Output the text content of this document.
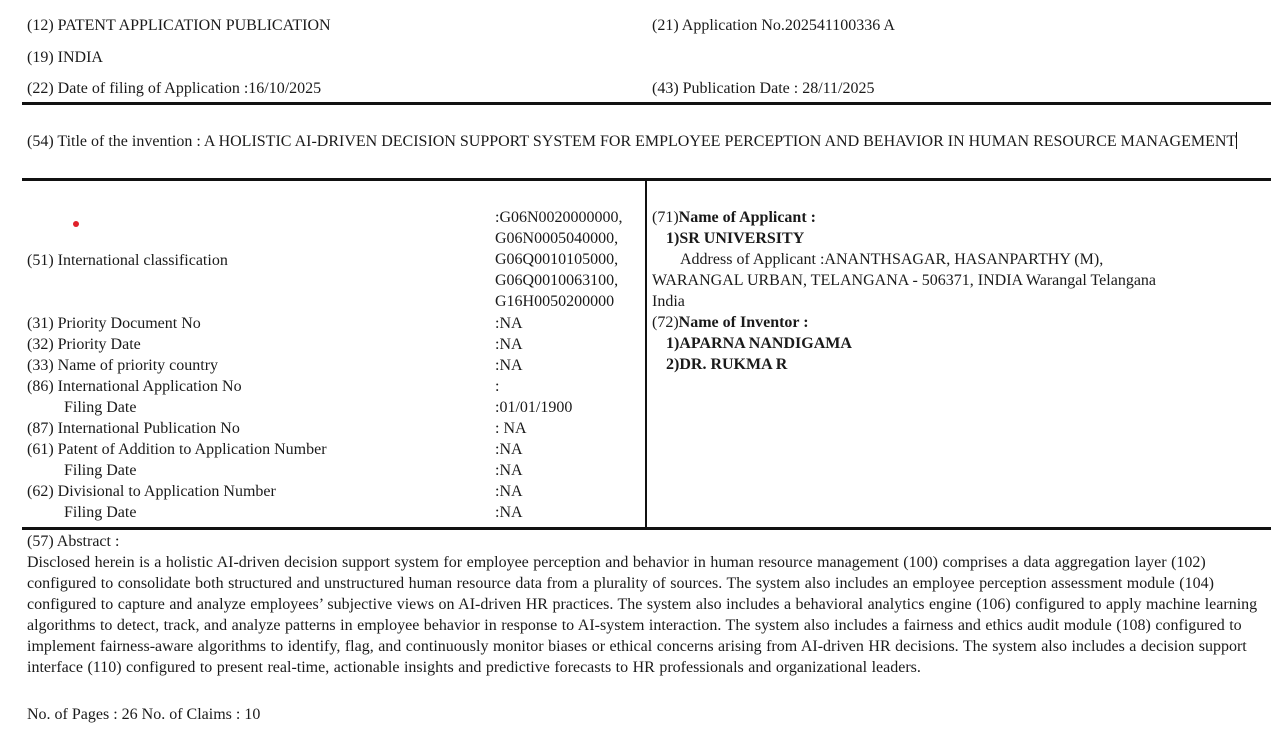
(12) PATENT APPLICATION PUBLICATION
(19) INDIA
(22) Date of filing of Application :16/10/2025
(21) Application No.202541100336 A
(43) Publication Date : 28/11/2025
(54) Title of the invention : A HOLISTIC AI-DRIVEN DECISION SUPPORT SYSTEM FOR EMPLOYEE PERCEPTION AND BEHAVIOR IN HUMAN RESOURCE MANAGEMENT
(51) International classification
:G06N0020000000,
G06N0005040000,
G06Q0010105000,
G06Q0010063100,
G16H0050200000
(31) Priority Document No	:NA
(32) Priority Date	:NA
(33) Name of priority country	:NA
(86) International Application No	:
Filing Date	:01/01/1900
(87) International Publication No	: NA
(61) Patent of Addition to Application Number	:NA
Filing Date	:NA
(62) Divisional to Application Number	:NA
Filing Date	:NA
(71)Name of Applicant :
1)SR UNIVERSITY
Address of Applicant :ANANTHSAGAR, HASANPARTHY (M),
WARANGAL URBAN, TELANGANA - 506371, INDIA Warangal Telangana
India
(72)Name of Inventor :
1)APARNA NANDIGAMA
2)DR. RUKMA R
(57) Abstract :
Disclosed herein is a holistic AI-driven decision support system for employee perception and behavior in human resource management (100) comprises a data aggregation layer (102) configured to consolidate both structured and unstructured human resource data from a plurality of sources. The system also includes an employee perception assessment module (104) configured to capture and analyze employees’ subjective views on AI-driven HR practices. The system also includes a behavioral analytics engine (106) configured to apply machine learning algorithms to detect, track, and analyze patterns in employee behavior in response to AI-system interaction. The system also includes a fairness and ethics audit module (108) configured to implement fairness-aware algorithms to identify, flag, and continuously monitor biases or ethical concerns arising from AI-driven HR decisions. The system also includes a decision support interface (110) configured to present real-time, actionable insights and predictive forecasts to HR professionals and organizational leaders.
No. of Pages : 26 No. of Claims : 10
